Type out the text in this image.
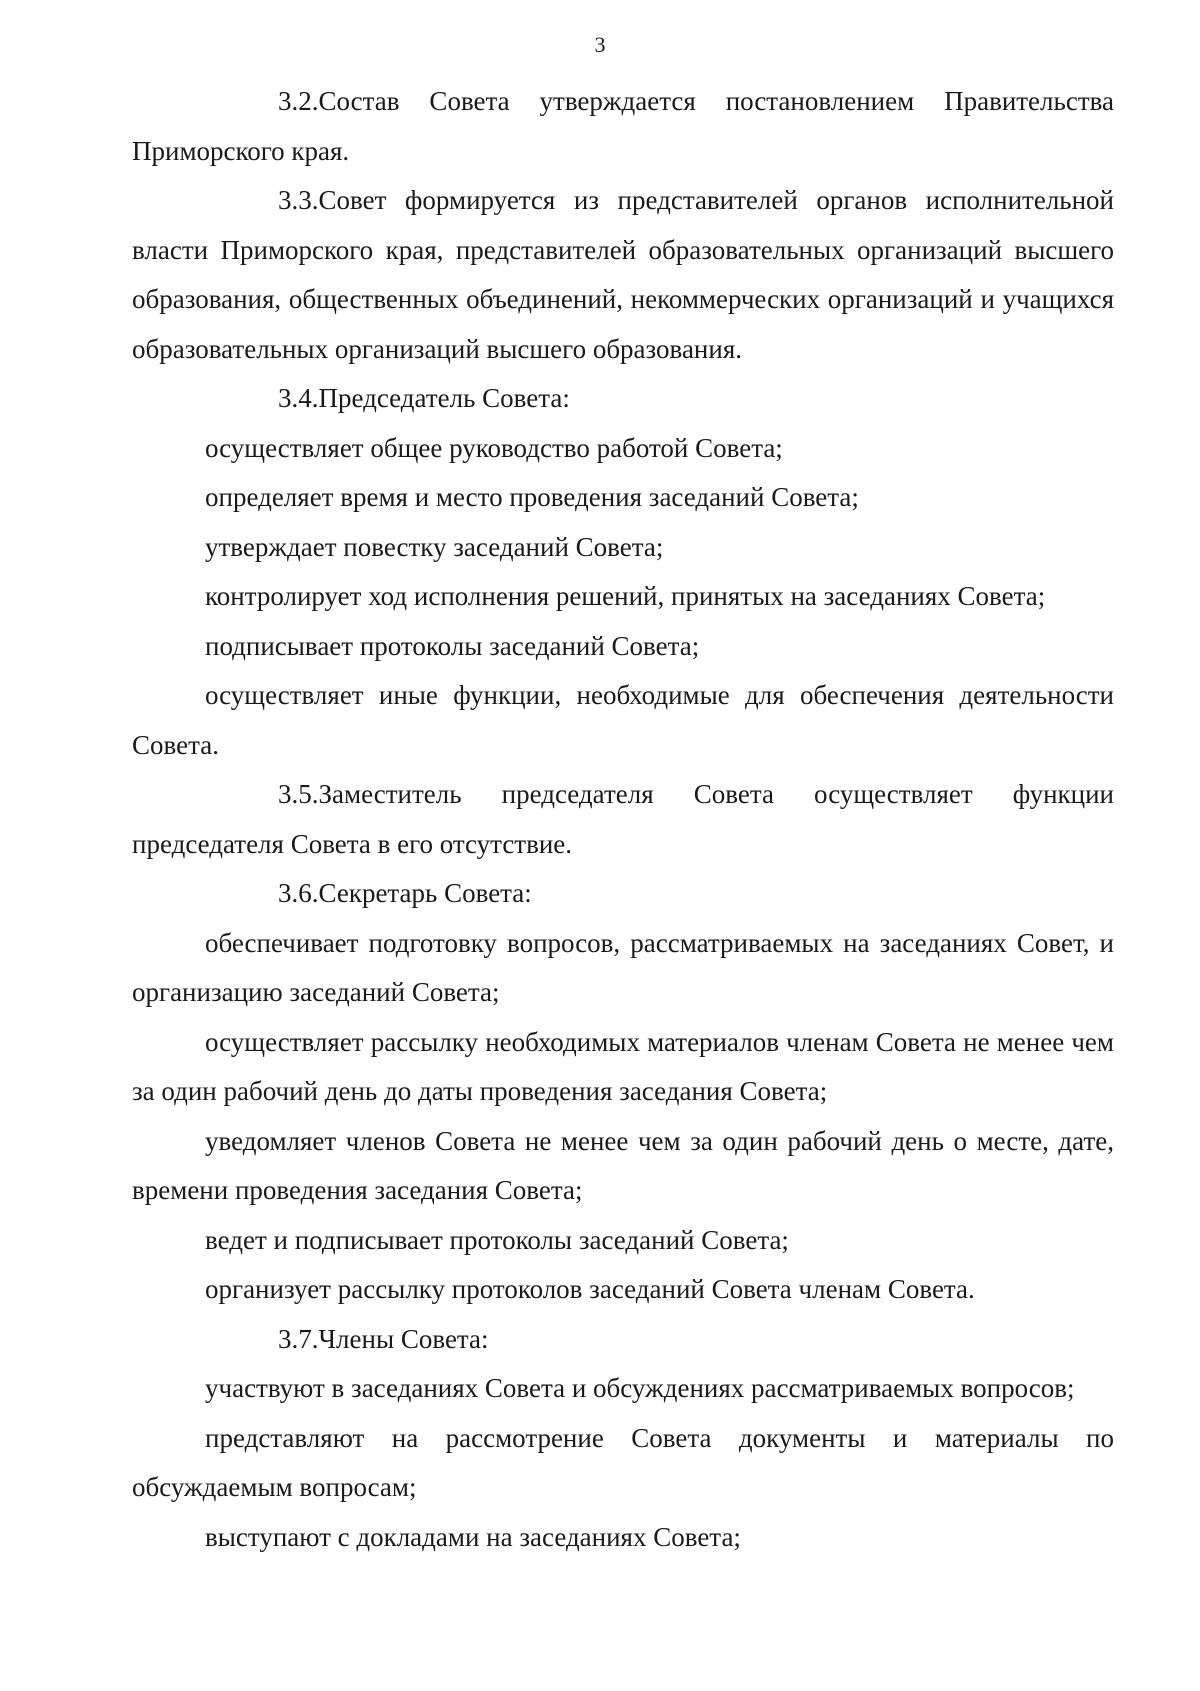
3

3.2.Состав Совета утверждается постановлением Правительства Приморского края.

3.3.Совет формируется из представителей органов исполнительной власти Приморского края, представителей образовательных организаций высшего образования, общественных объединений, некоммерческих организаций и учащихся образовательных организаций высшего образования.

3.4.Председатель Совета:

осуществляет общее руководство работой Совета;

определяет время и место проведения заседаний Совета;

утверждает повестку заседаний Совета;

контролирует ход исполнения решений, принятых на заседаниях Совета;

подписывает протоколы заседаний Совета;

осуществляет иные функции, необходимые для обеспечения деятельности Совета.

3.5.Заместитель председателя Совета осуществляет функции председателя Совета в его отсутствие.

3.6.Секретарь Совета:

обеспечивает подготовку вопросов, рассматриваемых на заседаниях Совет, и организацию заседаний Совета;

осуществляет рассылку необходимых материалов членам Совета не менее чем за один рабочий день до даты проведения заседания Совета;

уведомляет членов Совета не менее чем за один рабочий день о месте, дате, времени проведения заседания Совета;

ведет и подписывает протоколы заседаний Совета;

организует рассылку протоколов заседаний Совета членам Совета.

3.7.Члены Совета:

участвуют в заседаниях Совета и обсуждениях рассматриваемых вопросов;

представляют на рассмотрение Совета документы и материалы по обсуждаемым вопросам;

выступают с докладами на заседаниях Совета;
